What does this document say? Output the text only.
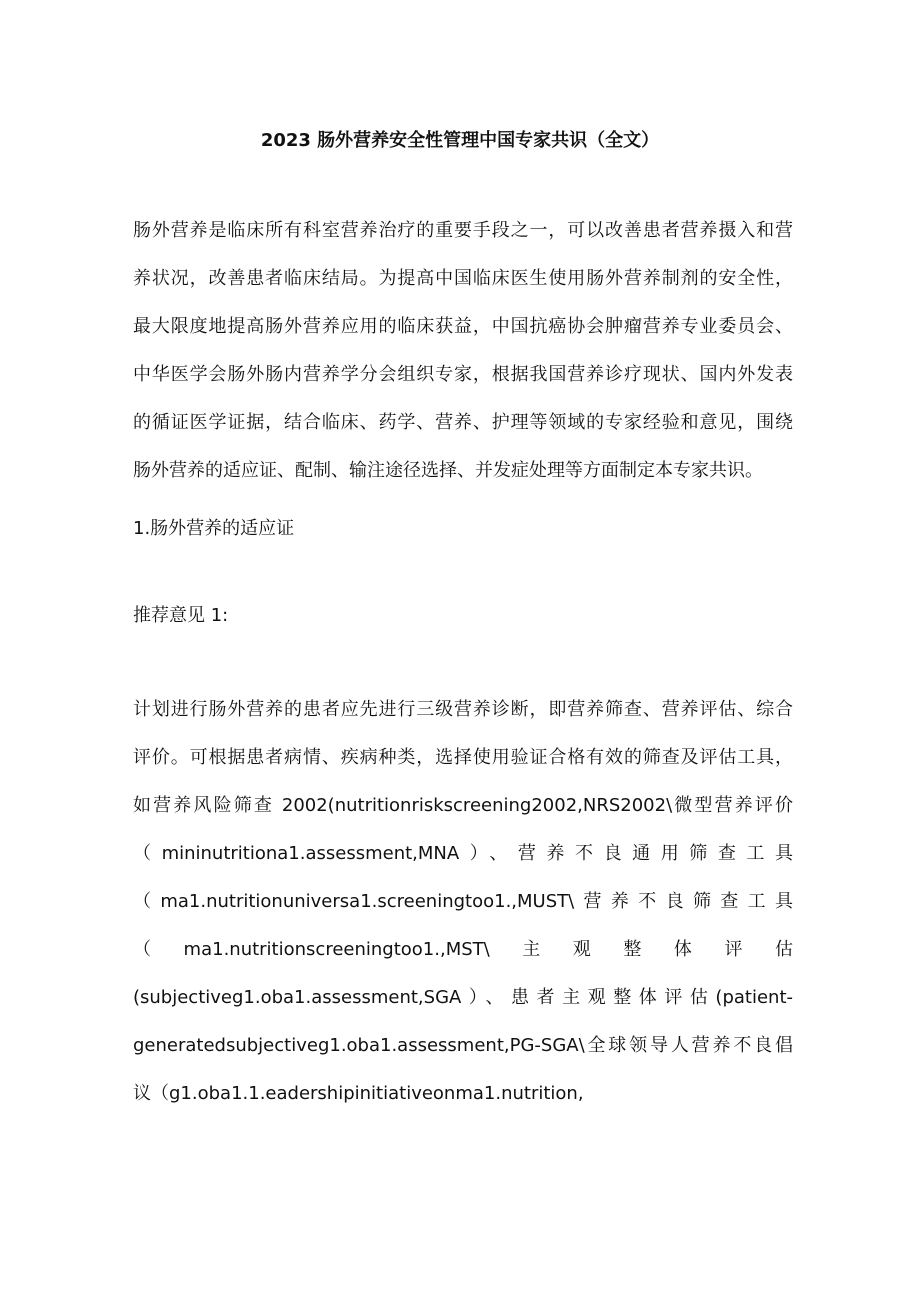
2023 肠外营养安全性管理中国专家共识（全文）
肠外营养是临床所有科室营养治疗的重要手段之一，可以改善患者营养摄入和营
养状况，改善患者临床结局。为提高中国临床医生使用肠外营养制剂的安全性，
最大限度地提高肠外营养应用的临床获益，中国抗癌协会肿瘤营养专业委员会、
中华医学会肠外肠内营养学分会组织专家，根据我国营养诊疗现状、国内外发表
的循证医学证据，结合临床、药学、营养、护理等领域的专家经验和意见，围绕
肠外营养的适应证、配制、输注途径选择、并发症处理等方面制定本专家共识。
1.肠外营养的适应证
推荐意见 1:
计划进行肠外营养的患者应先进行三级营养诊断，即营养筛查、营养评估、综合
评价。可根据患者病情、疾病种类，选择使用验证合格有效的筛查及评估工具，
如营养风险筛查 2002(nutritionriskscreening2002,NRS2002\微型营养评价
（mininutritiona1.assessment,MNA）、营养不良通用筛查工具
（ma1.nutritionuniversa1.screeningtoo1.,MUST\营养不良筛查工具
（ma1.nutritionscreeningtoo1.,MST\主观整体评估
(subjectiveg1.oba1.assessment,SGA）、患者主观整体评估(patient-
generatedsubjectiveg1.oba1.assessment,PG-SGA\全球领导人营养不良倡
议（g1.oba1.1.eadershipinitiativeonma1.nutrition,
